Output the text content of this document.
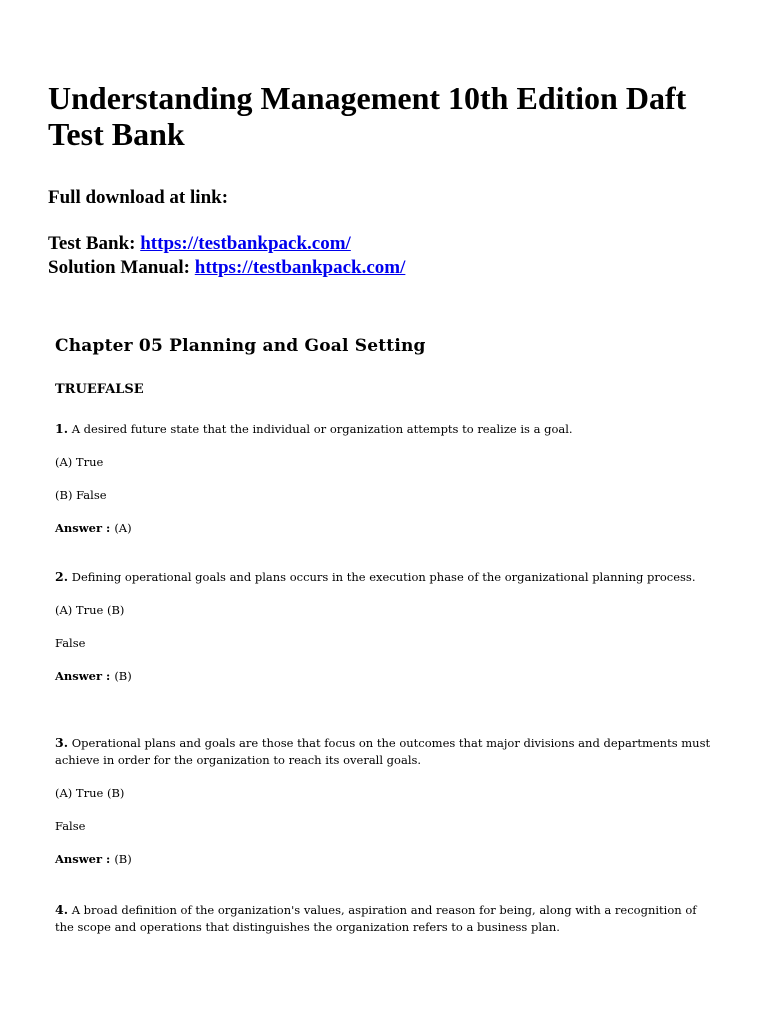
Understanding Management 10th Edition Daft Test Bank

Full download at link:

Test Bank: https://testbankpack.com/
Solution Manual: https://testbankpack.com/
Chapter 05 Planning and Goal Setting
TRUEFALSE

1. A desired future state that the individual or organization attempts to realize is a goal.

(A) True

(B) False

Answer : (A)

2. Defining operational goals and plans occurs in the execution phase of the organizational planning process.

(A) True (B)

False

Answer : (B)

3. Operational plans and goals are those that focus on the outcomes that major divisions and departments must achieve in order for the organization to reach its overall goals.

(A) True (B)

False

Answer : (B)

4. A broad definition of the organization's values, aspiration and reason for being, along with a recognition of the scope and operations that distinguishes the organization refers to a business plan.
